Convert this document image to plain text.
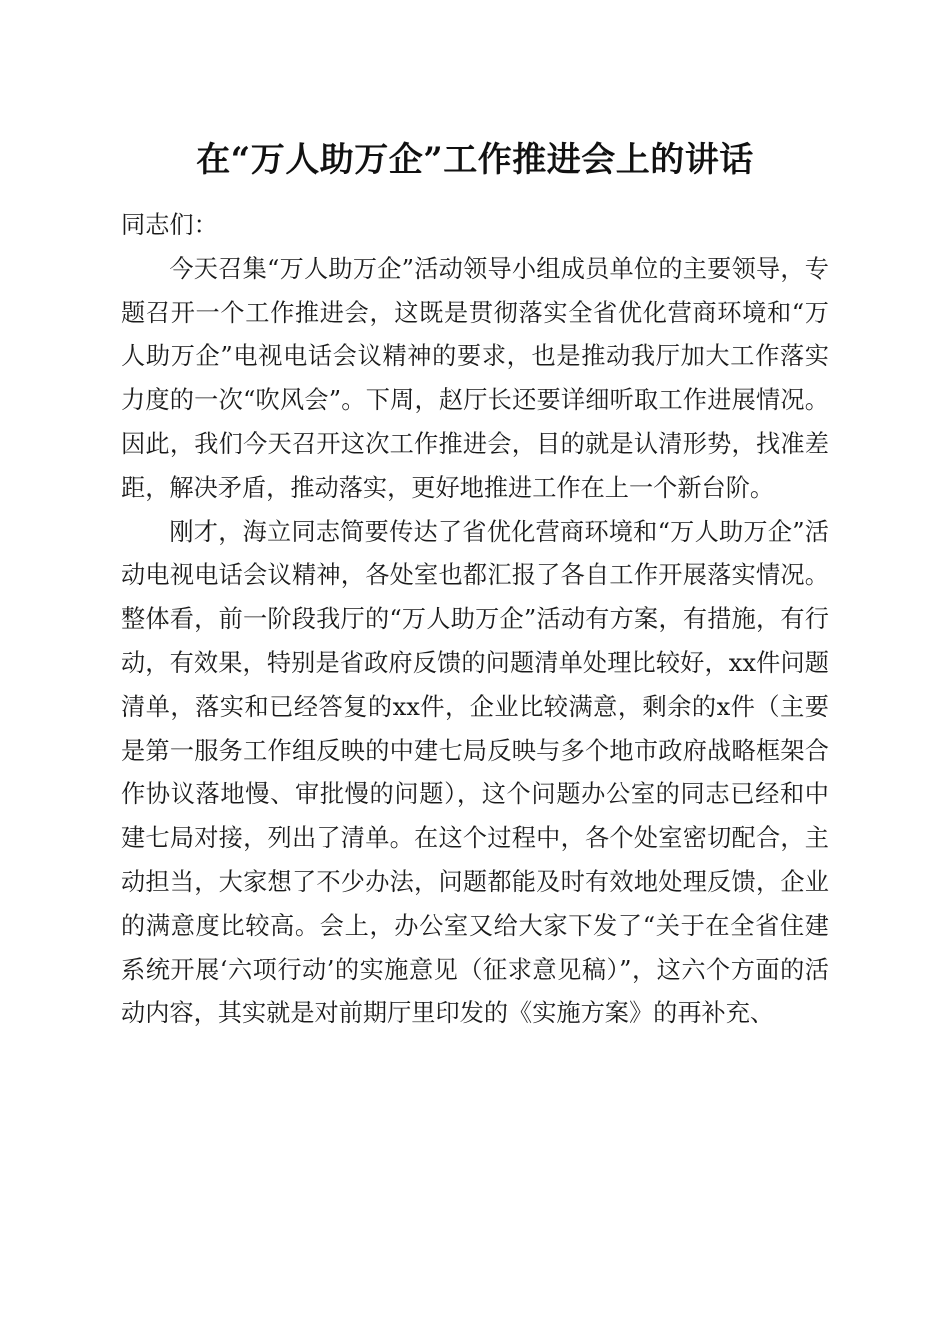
在“万人助万企”工作推进会上的讲话

同志们：

今天召集“万人助万企”活动领导小组成员单位的主要领导，专题召开一个工作推进会，这既是贯彻落实全省优化营商环境和“万人助万企”电视电话会议精神的要求，也是推动我厅加大工作落实力度的一次“吹风会”。下周，赵厅长还要详细听取工作进展情况。因此，我们今天召开这次工作推进会，目的就是认清形势，找准差距，解决矛盾，推动落实，更好地推进工作在上一个新台阶。

刚才，海立同志简要传达了省优化营商环境和“万人助万企”活动电视电话会议精神，各处室也都汇报了各自工作开展落实情况。整体看，前一阶段我厅的“万人助万企”活动有方案，有措施，有行动，有效果，特别是省政府反馈的问题清单处理比较好，xx件问题清单，落实和已经答复的xx件，企业比较满意，剩余的x件（主要是第一服务工作组反映的中建七局反映与多个地市政府战略框架合作协议落地慢、审批慢的问题），这个问题办公室的同志已经和中建七局对接，列出了清单。在这个过程中，各个处室密切配合，主动担当，大家想了不少办法，问题都能及时有效地处理反馈，企业的满意度比较高。会上，办公室又给大家下发了“关于在全省住建系统开展‘六项行动’的实施意见（征求意见稿）”，这六个方面的活动内容，其实就是对前期厅里印发的《实施方案》的再补充、
